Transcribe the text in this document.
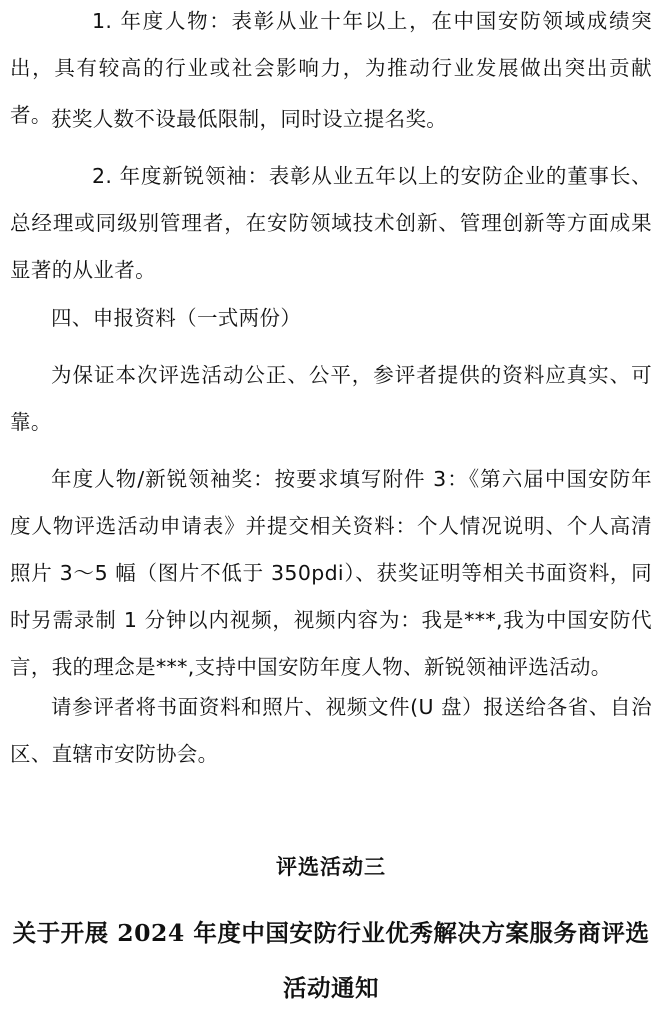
1. 年度人物：表彰从业十年以上，在中国安防领域成绩突出，具有较高的行业或社会影响力，为推动行业发展做出突出贡献者。 获奖人数不设最低限制，同时设立提名奖。

2. 年度新锐领袖：表彰从业五年以上的安防企业的董事长、总经理或同级别管理者，在安防领域技术创新、管理创新等方面成果显著的从业者。

四、申报资料（一式两份）

为保证本次评选活动公正、公平，参评者提供的资料应真实、可靠。

年度人物/新锐领袖奖：按要求填写附件 3：《第六届中国安防年度人物评选活动申请表》并提交相关资料：个人情况说明、个人高清照片 3～5 幅（图片不低于 350pdi）、获奖证明等相关书面资料，同时另需录制 1 分钟以内视频，视频内容为：我是***,我为中国安防代言，我的理念是***,支持中国安防年度人物、新锐领袖评选活动。

请参评者将书面资料和照片、视频文件(U 盘）报送给各省、自治区、直辖市安防协会。

评选活动三
关于开展 2024 年度中国安防行业优秀解决方案服务商评选活动通知
